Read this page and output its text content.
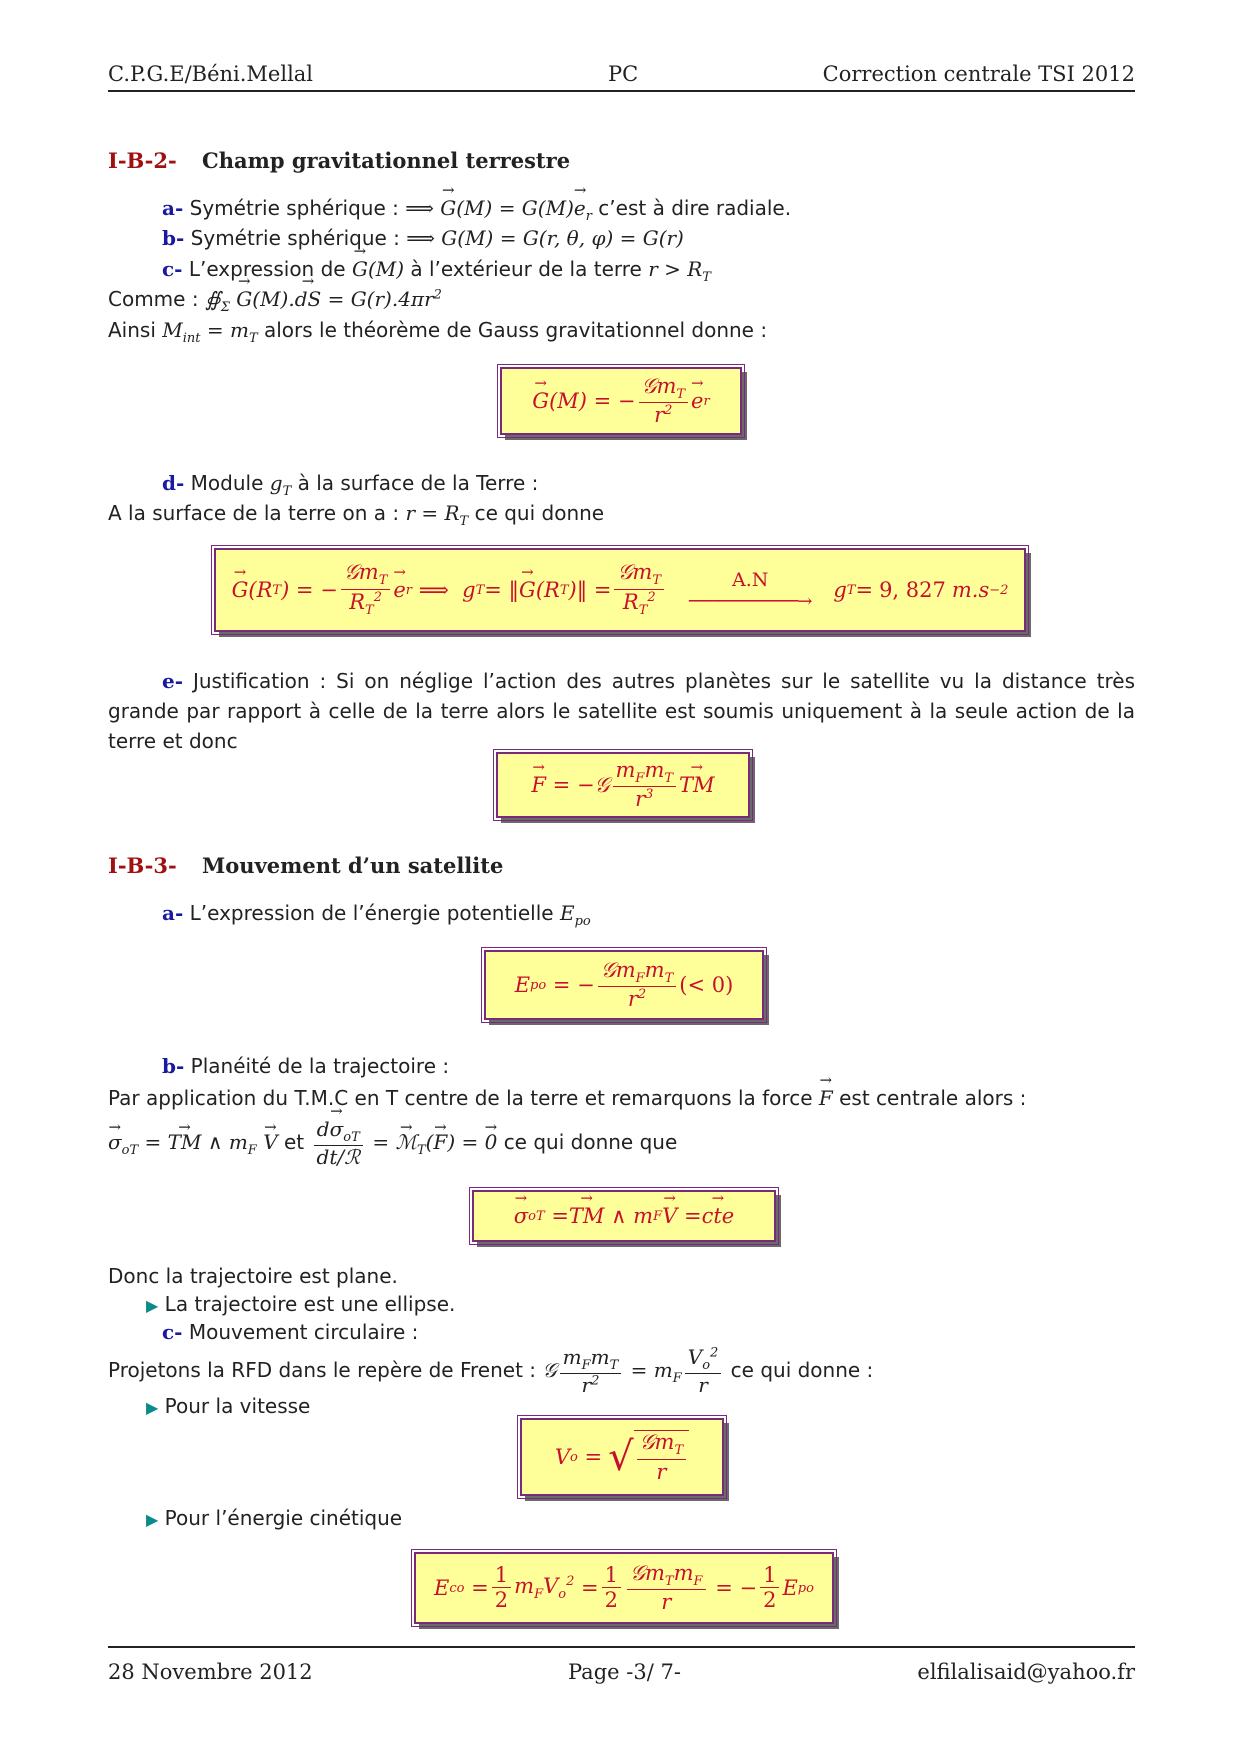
C.P.G.E/Béni.Mellal	PC	Correction centrale TSI 2012
I-B-2- Champ gravitationnel terrestre
a- Symétrie sphérique : ⟹ → $G(M) = G(M)\to e_r$ c’est à dire radiale.
b- Symétrie sphérique : ⟹ G(M) = G(r, θ, φ) = G(r)
c- L’expression de → G(M) à l’extérieur de la terre $r > R_T$
Comme : $∯_\Sigma \to G(M).\to$ dS = $G(r).4\pi r^2$
Ainsi $M_{int} = m_T$ alors le théorème de Gauss gravitationnel donne :
→ G (M) = − $\frac{𝒢m_T}{r^2}$
→ e r
d- Module $g_T$ à la surface de la Terre :
A la surface de la terre on a : $r = R_T$ ce qui donne
→ G (R T ) = − $\frac{𝒢m_T}{R_T^2}$
→ e r ⟹  g T = ‖
→ G (R T )‖ = $\frac{𝒢m_T}{R_T^2}$	A.N
───────────→ g T = 9, 827 m.s −2
e- Justification : Si on néglige l’action des autres planètes sur le satellite vu la distance très grande par rapport à celle de la terre alors le satellite est soumis uniquement à la seule action de la terre et donc
→ F = −𝒢 $\frac{m_Fm_T}{r^3}$
→ TM
I-B-3- Mouvement d’un satellite
a- L’expression de l’énergie potentielle $E_{po}$
E po = − $\frac{𝒢m_Fm_T}{r^2}$ (< 0)
b- Planéité de la trajectoire :
Par application du T.M.C en T centre de la terre et remarquons la force → F est centrale alors :
→ $\sigma_{oT}$ = → TM ∧ $m_F \to V$ et $\frac{d\to \sigma_{oT}}{\text{dt/ℛ}}$ = → ℳ$_T$(→ F) = → 0 ce qui donne que
→ σ oT =
→ TM ∧ m F
→ V =
→ cte
Donc la trajectoire est plane.
▶ La trajectoire est une ellipse.
c- Mouvement circulaire :
Projetons la RFD dans le repère de Frenet : 𝒢 $\frac{m_Fm_T}{r^2} = m_F \frac{V_o^2}{r}$ ce qui donne :
▶ Pour la vitesse
V o = √ $\frac{𝒢m_T}{r}$
▶ Pour l’énergie cinétique
E co = $\frac{1}{2} m_FV_o^2 = \frac{1}{2} \frac{𝒢m_Tm_F}{r}$ = − $\frac{1}{2}$ E po
28 Novembre 2012	Page -3/ 7-	elfilalisaid@yahoo.fr
